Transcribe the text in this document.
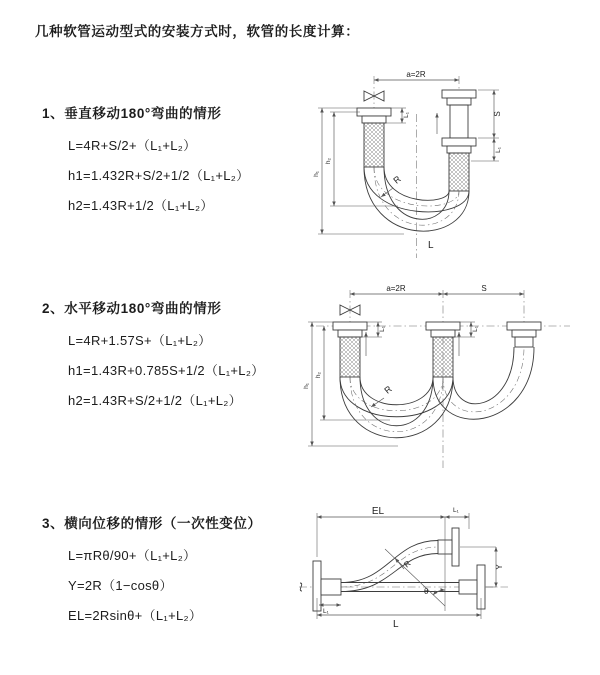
几种软管运动型式的安装方式时，软管的长度计算：
1、垂直移动180°弯曲的情形
L=4R+S/2+（L₁+L₂）
h1=1.432R+S/2+1/2（L₁+L₂）
h2=1.43R+1/2（L₁+L₂）
2、水平移动180°弯曲的情形
L=4R+1.57S+（L₁+L₂）
h1=1.43R+0.785S+1/2（L₁+L₂）
h2=1.43R+S/2+1/2（L₁+L₂）
3、横向位移的情形（一次性变位）
L=πRθ/90+（L₁+L₂）
Y=2R（1−cosθ）
EL=2Rsinθ+（L₁+L₂）
a=2R
h₁
h₂
S
L₁
L₁
R
L
a=2R	S
L₁	L₁
h₁
h₂
R
EL	L₁
θ
R	Y
L₁
L
